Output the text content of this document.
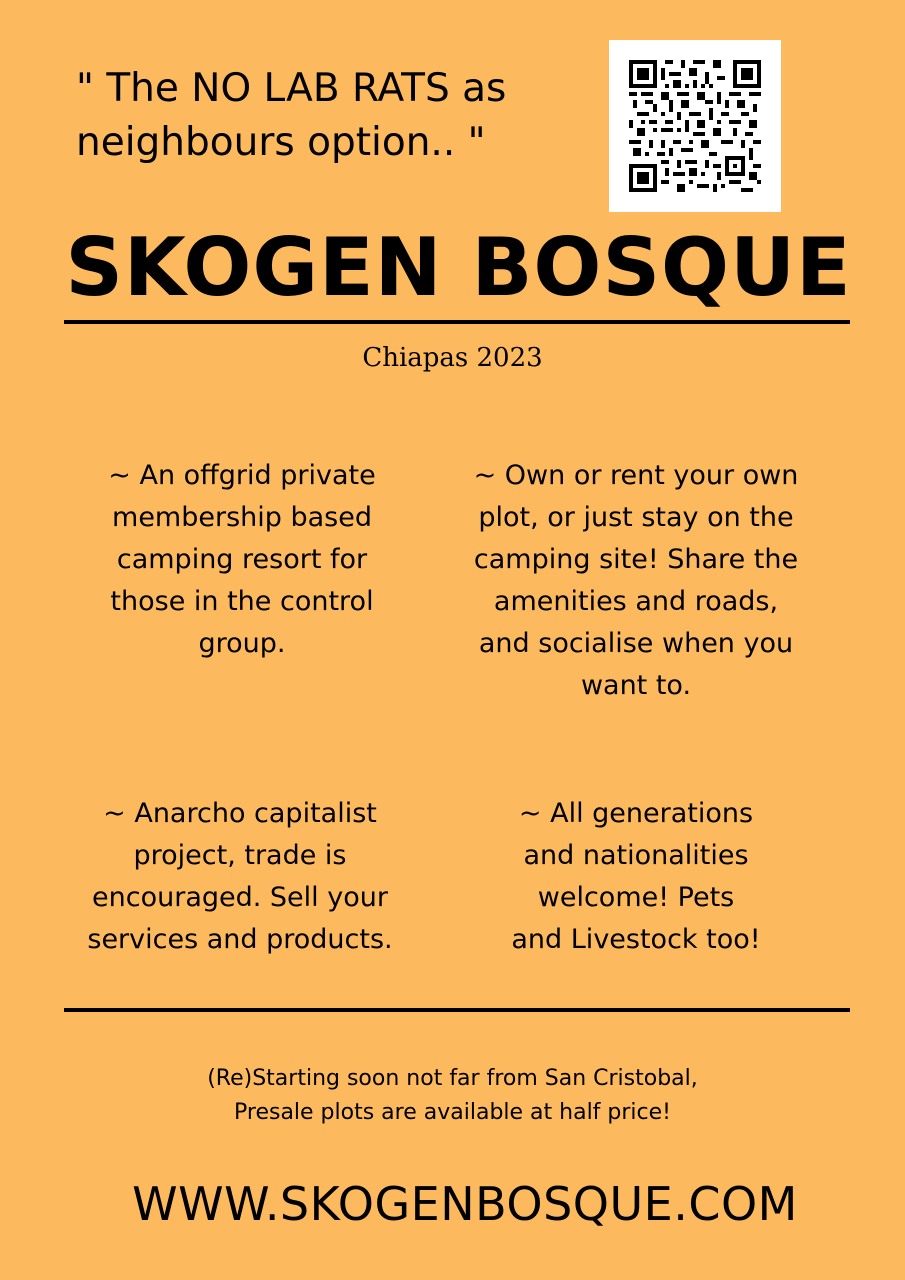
" The NO LAB RATS as
neighbours option.. "
SKOGEN BOSQUE
Chiapas 2023
~ An offgrid private
membership based
camping resort for
those in the control
group.
~ Own or rent your own
plot, or just stay on the
camping site! Share the
amenities and roads,
and socialise when you
want to.
~ Anarcho capitalist
project, trade is
encouraged. Sell your
services and products.
~ All generations
and nationalities
welcome! Pets
and Livestock too!
(Re)Starting soon not far from San Cristobal,
Presale plots are available at half price!
WWW.SKOGENBOSQUE.COM
